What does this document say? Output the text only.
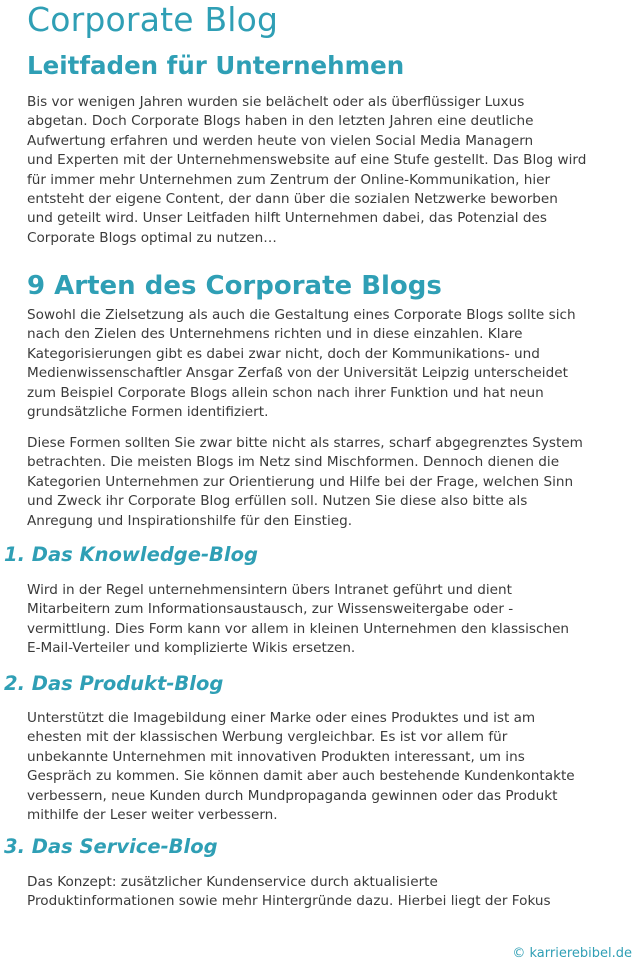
Corporate Blog
Leitfaden für Unternehmen
Bis vor wenigen Jahren wurden sie belächelt oder als überflüssiger Luxus
abgetan. Doch Corporate Blogs haben in den letzten Jahren eine deutliche
Aufwertung erfahren und werden heute von vielen Social Media Managern
und Experten mit der Unternehmenswebsite auf eine Stufe gestellt. Das Blog wird
für immer mehr Unternehmen zum Zentrum der Online-Kommunikation, hier
entsteht der eigene Content, der dann über die sozialen Netzwerke beworben
und geteilt wird. Unser Leitfaden hilft Unternehmen dabei, das Potenzial des
Corporate Blogs optimal zu nutzen…
9 Arten des Corporate Blogs
Sowohl die Zielsetzung als auch die Gestaltung eines Corporate Blogs sollte sich
nach den Zielen des Unternehmens richten und in diese einzahlen. Klare
Kategorisierungen gibt es dabei zwar nicht, doch der Kommunikations- und
Medienwissenschaftler Ansgar Zerfaß von der Universität Leipzig unterscheidet
zum Beispiel Corporate Blogs allein schon nach ihrer Funktion und hat neun
grundsätzliche Formen identifiziert.
Diese Formen sollten Sie zwar bitte nicht als starres, scharf abgegrenztes System
betrachten. Die meisten Blogs im Netz sind Mischformen. Dennoch dienen die
Kategorien Unternehmen zur Orientierung und Hilfe bei der Frage, welchen Sinn
und Zweck ihr Corporate Blog erfüllen soll. Nutzen Sie diese also bitte als
Anregung und Inspirationshilfe für den Einstieg.
1. Das Knowledge-Blog
Wird in der Regel unternehmensintern übers Intranet geführt und dient
Mitarbeitern zum Informationsaustausch, zur Wissensweitergabe oder -
vermittlung. Dies Form kann vor allem in kleinen Unternehmen den klassischen
E-Mail-Verteiler und komplizierte Wikis ersetzen.
2. Das Produkt-Blog
Unterstützt die Imagebildung einer Marke oder eines Produktes und ist am
ehesten mit der klassischen Werbung vergleichbar. Es ist vor allem für
unbekannte Unternehmen mit innovativen Produkten interessant, um ins
Gespräch zu kommen. Sie können damit aber auch bestehende Kundenkontakte
verbessern, neue Kunden durch Mundpropaganda gewinnen oder das Produkt
mithilfe der Leser weiter verbessern.
3. Das Service-Blog
Das Konzept: zusätzlicher Kundenservice durch aktualisierte
Produktinformationen sowie mehr Hintergründe dazu. Hierbei liegt der Fokus
© karrierebibel.de
